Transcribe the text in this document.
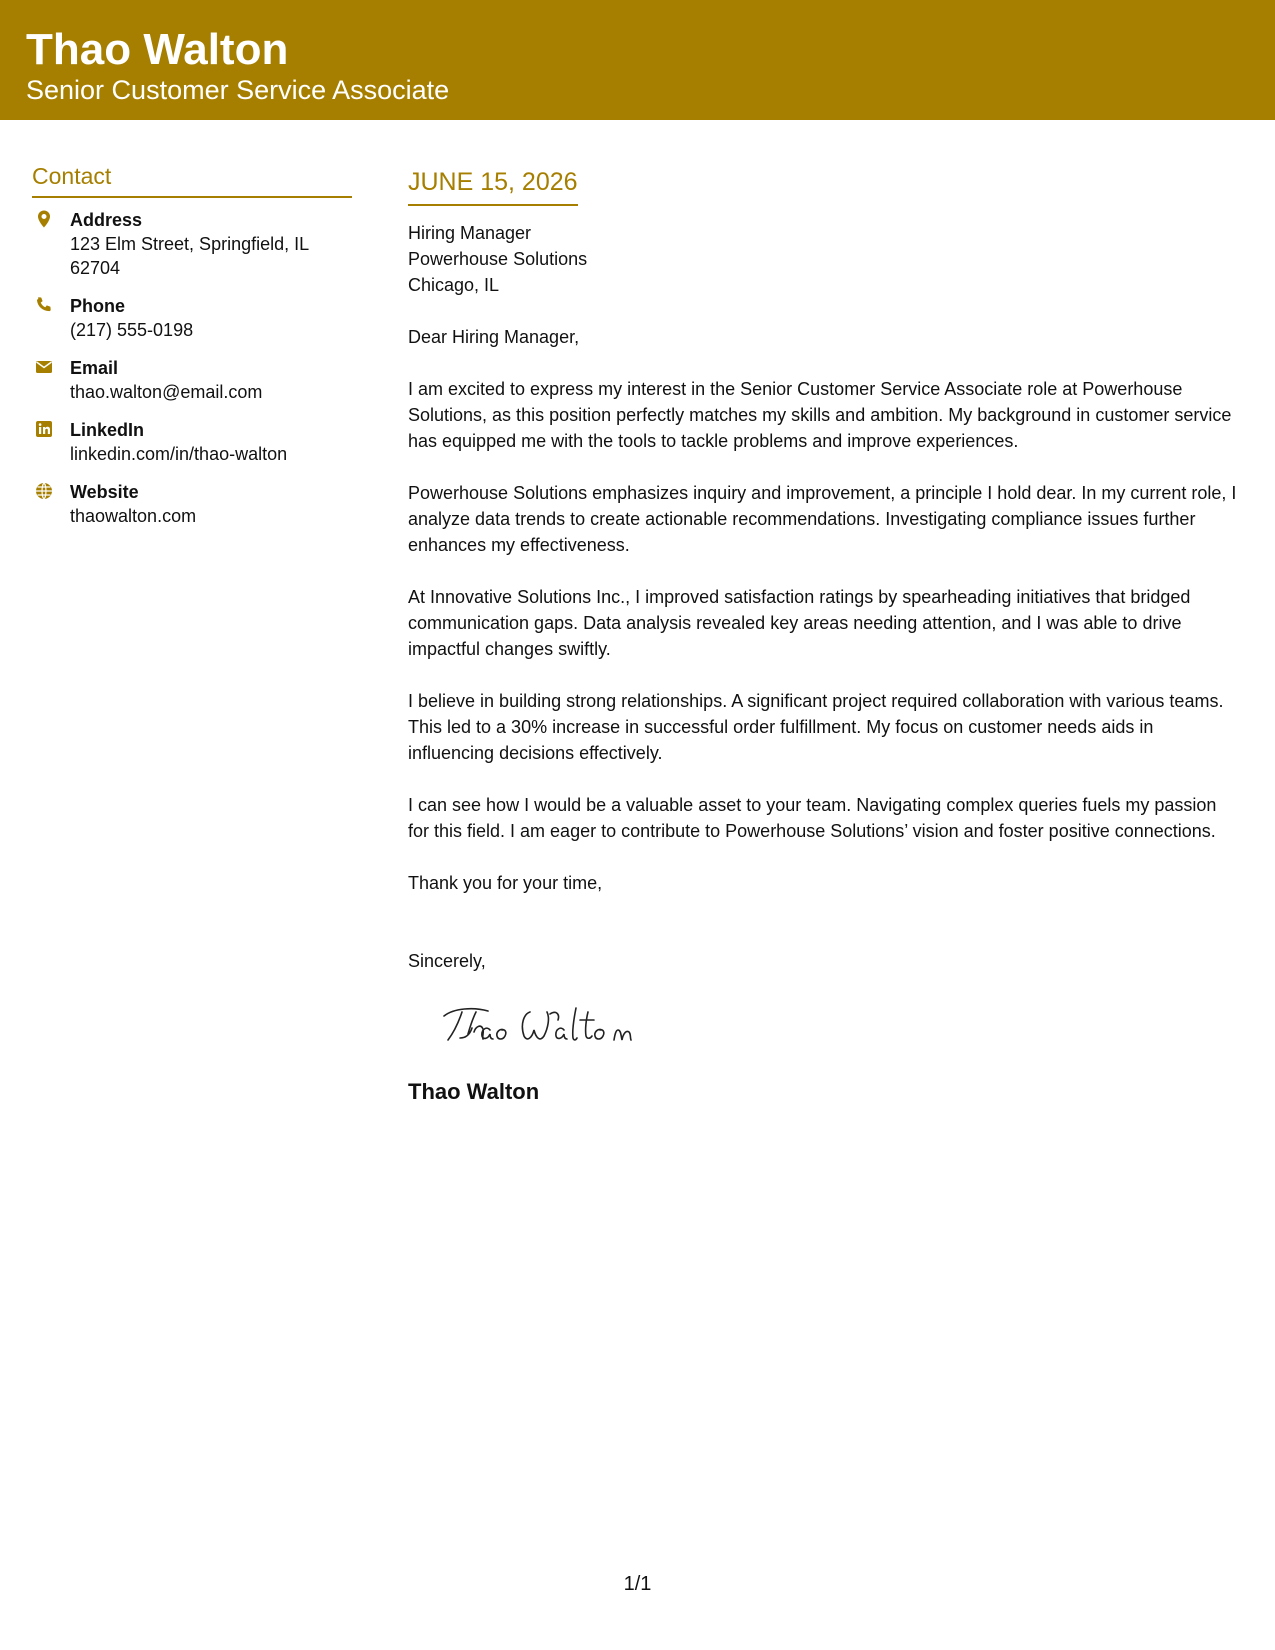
Thao Walton
Senior Customer Service Associate
Contact
Address
123 Elm Street, Springfield, IL
62704
Phone
(217) 555-0198
Email
thao.walton@email.com
LinkedIn
linkedin.com/in/thao-walton
Website
thaowalton.com
JUNE 15, 2026
Hiring Manager
Powerhouse Solutions
Chicago, IL
Dear Hiring Manager,
I am excited to express my interest in the Senior Customer Service Associate role at Powerhouse Solutions, as this position perfectly matches my skills and ambition. My background in customer service has equipped me with the tools to tackle problems and improve experiences.
Powerhouse Solutions emphasizes inquiry and improvement, a principle I hold dear. In my current role, I analyze data trends to create actionable recommendations. Investigating compliance issues further enhances my effectiveness.
At Innovative Solutions Inc., I improved satisfaction ratings by spearheading initiatives that bridged communication gaps. Data analysis revealed key areas needing attention, and I was able to drive impactful changes swiftly.
I believe in building strong relationships. A significant project required collaboration with various teams. This led to a 30% increase in successful order fulfillment. My focus on customer needs aids in influencing decisions effectively.
I can see how I would be a valuable asset to your team. Navigating complex queries fuels my passion for this field. I am eager to contribute to Powerhouse Solutions’ vision and foster positive connections.
Thank you for your time,
Sincerely,
Thao Walton
1/1
